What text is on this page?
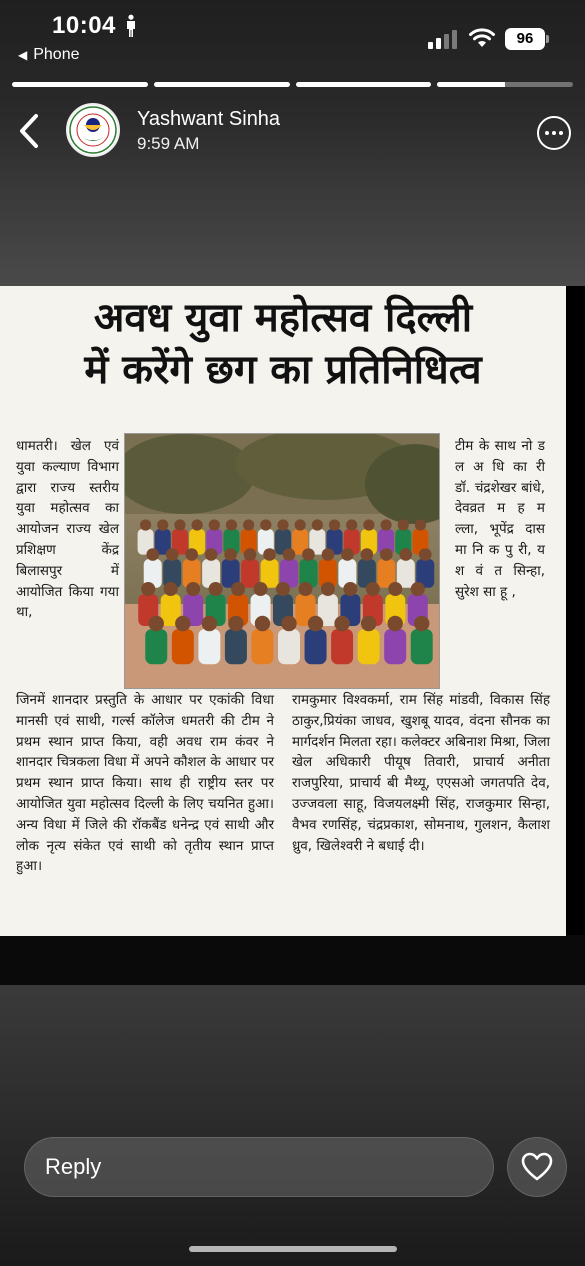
10:04
◀ Phone
96
Yashwant Sinha
9:59 AM
अवध युवा महोत्सव दिल्ली
में करेंगे छग का प्रतिनिधित्व
धामतरी। खेल एवं युवा कल्याण विभाग द्वारा राज्य स्तरीय युवा महोत्सव का आयोजन राज्य खेल प्रशिक्षण केंद्र बिलासपुर में आयोजित किया गया था,
टीम के साथ नो ड ल अ धि का री डॉ. चंद्रशेखर बांधे, देवव्रत म ह म ल्ला, भूपेंद्र दास मा नि क पु री, य श वं त सिन्हा, सुरेश सा हू ,
जिनमें शानदार प्रस्तुति के आधार पर एकांकी विधा मानसी एवं साथी, गर्ल्स कॉलेज धमतरी की टीम ने प्रथम स्थान प्राप्त किया, वही अवध राम कंवर ने शानदार चित्रकला विधा में अपने कौशल के आधार पर प्रथम स्थान प्राप्त किया। साथ ही राष्ट्रीय स्तर पर आयोजित युवा महोत्सव दिल्ली के लिए चयनित हुआ। अन्य विधा में जिले की रॉकबैंड धनेन्द्र एवं साथी और लोक नृत्य संकेत एवं साथी को तृतीय स्थान प्राप्त हुआ।
रामकुमार विश्वकर्मा, राम सिंह मांडवी, विकास सिंह ठाकुर,प्रियंका जाधव, खुशबू यादव, वंदना सौनक का मार्गदर्शन मिलता रहा। कलेक्टर अबिनाश मिश्रा, जिला खेल अधिकारी पीयूष तिवारी, प्राचार्य अनीता राजपुरिया, प्राचार्य बी मैथ्यू, एएसओ जगतपति देव, उज्जवला साहू, विजयलक्ष्मी सिंह, राजकुमार सिन्हा, वैभव रणसिंह, चंद्रप्रकाश, सोमनाथ, गुलशन, कैलाश ध्रुव, खिलेश्वरी ने बधाई दी।
Reply
